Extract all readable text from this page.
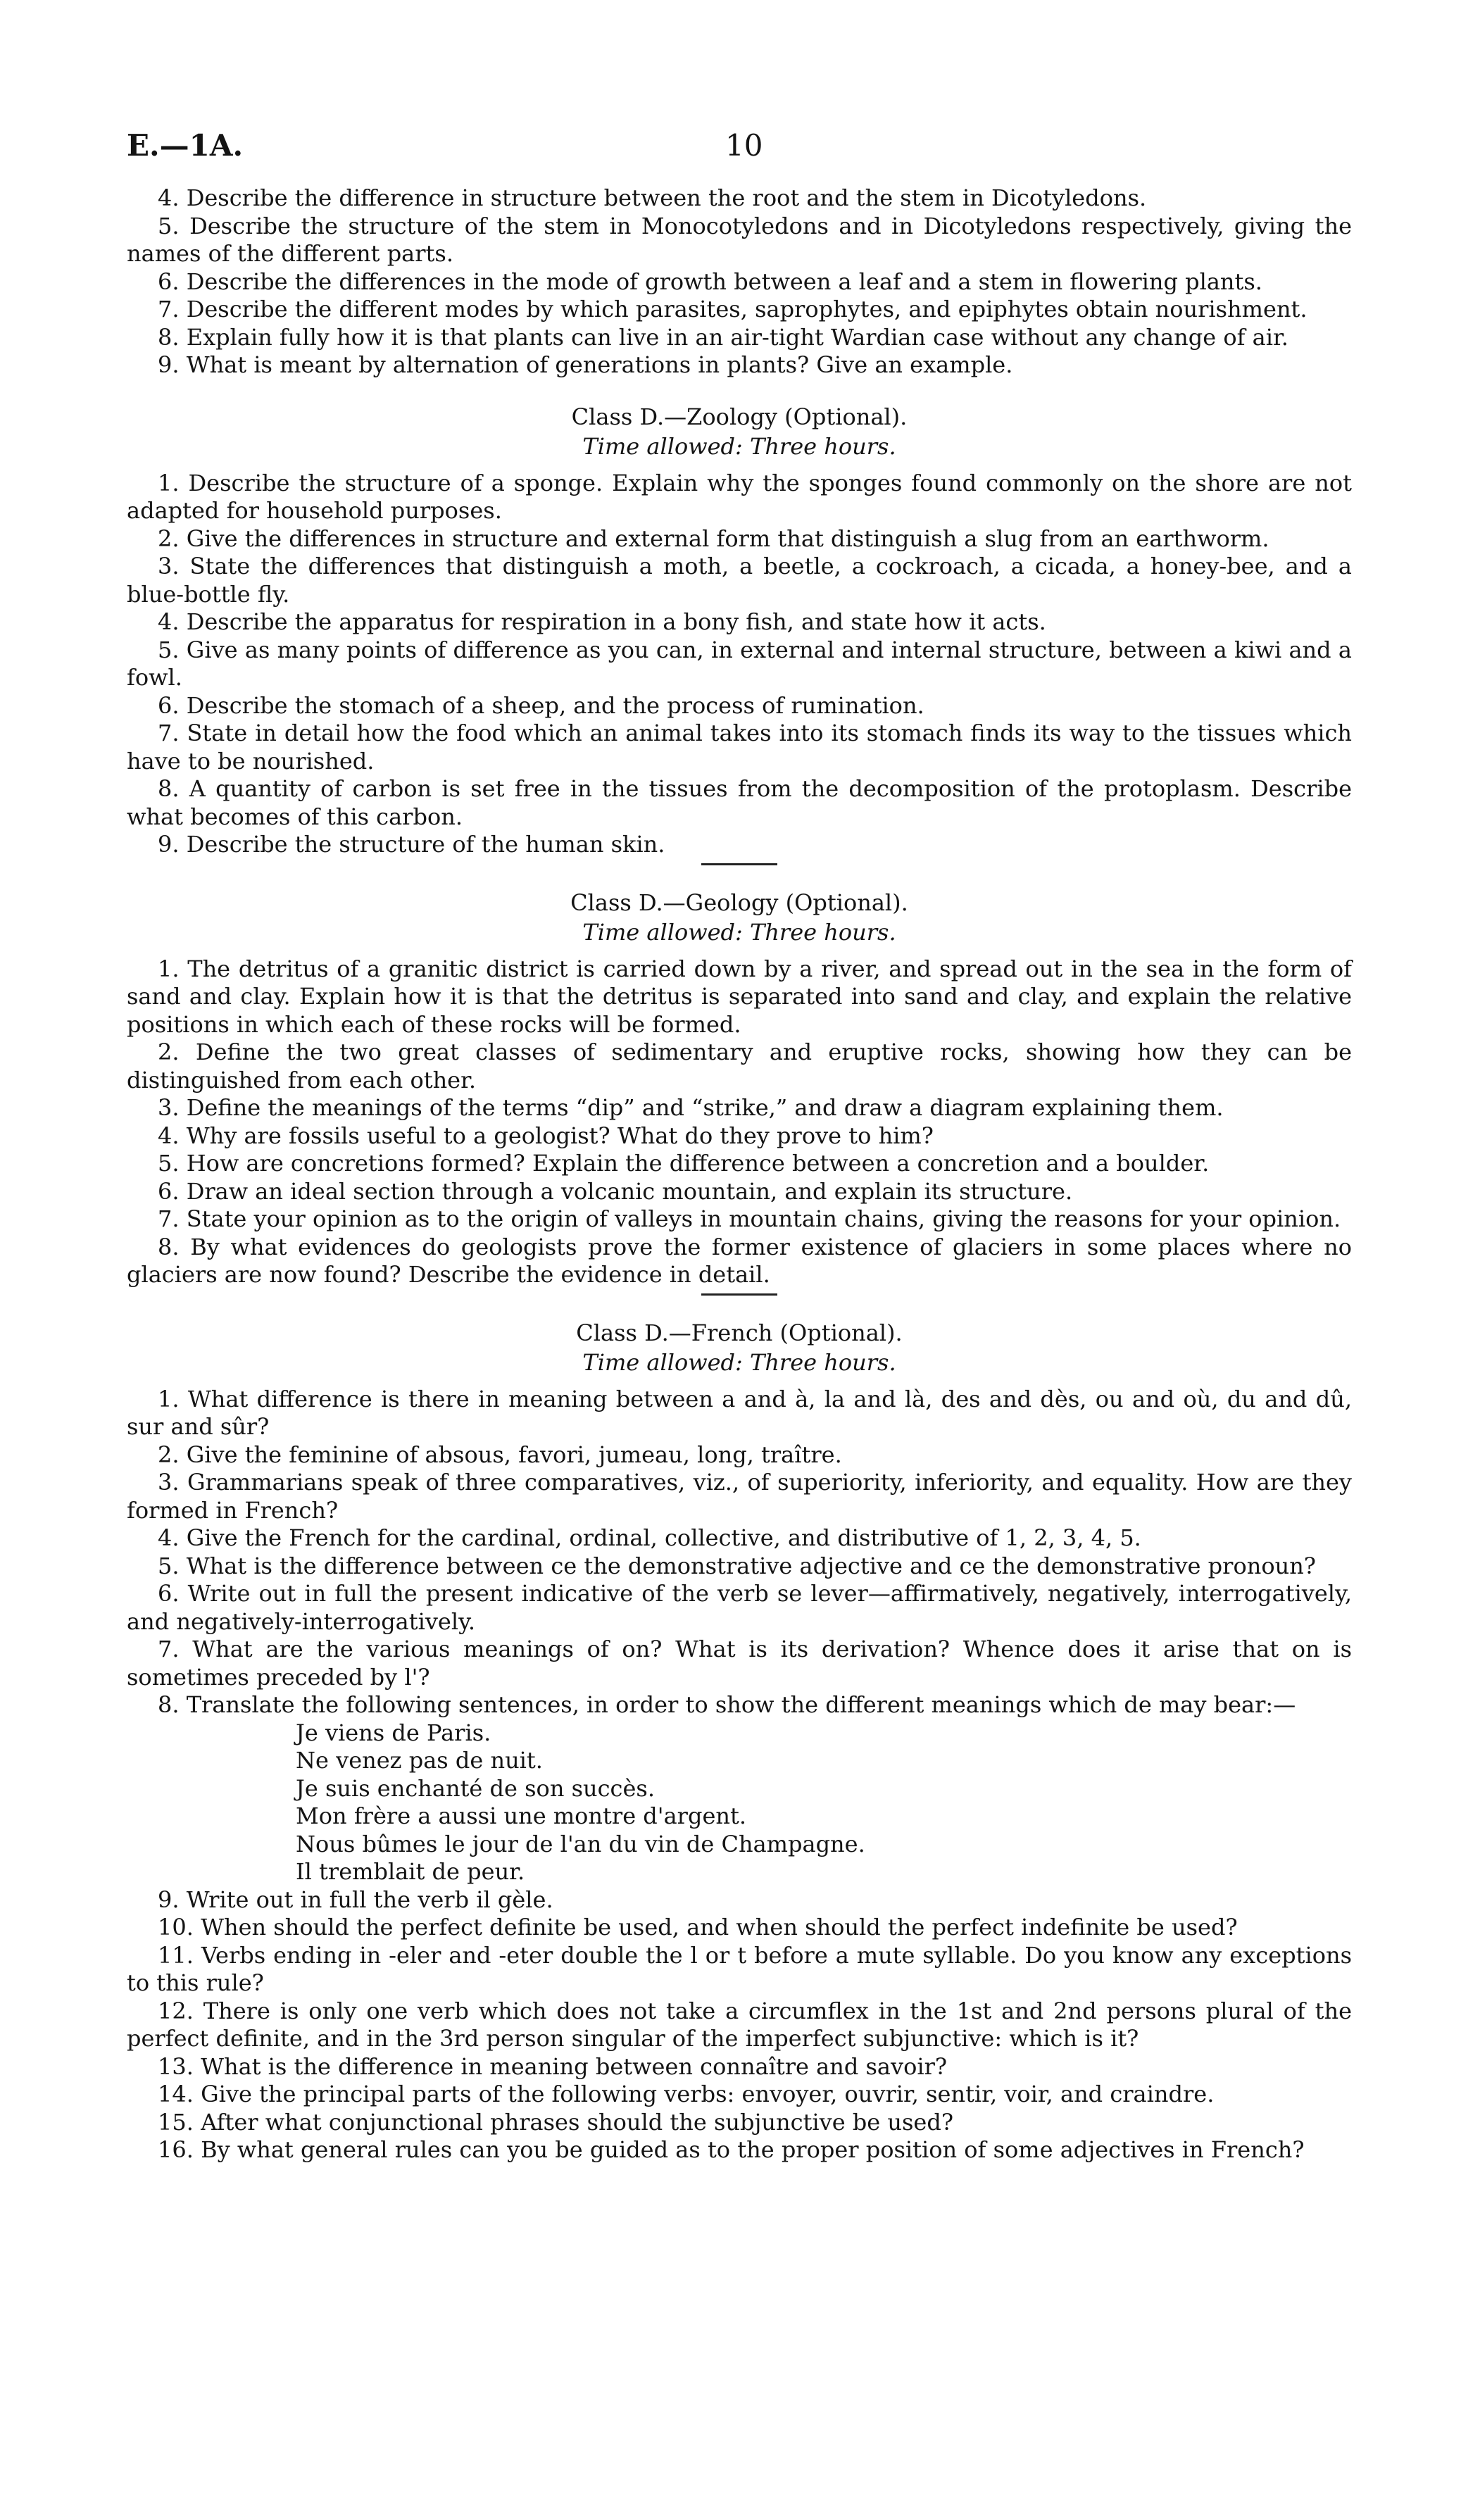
E.—1A.	10

4. Describe the difference in structure between the root and the stem in Dicotyledons.

5. Describe the structure of the stem in Monocotyledons and in Dicotyledons respectively, giving the names of the different parts.

6. Describe the differences in the mode of growth between a leaf and a stem in flowering plants.

7. Describe the different modes by which parasites, saprophytes, and epiphytes obtain nourishment.

8. Explain fully how it is that plants can live in an air-tight Wardian case without any change of air.

9. What is meant by alternation of generations in plants? Give an example.

Class D.—Zoology (Optional).
Time allowed: Three hours.

1. Describe the structure of a sponge. Explain why the sponges found commonly on the shore are not adapted for household purposes.

2. Give the differences in structure and external form that distinguish a slug from an earthworm.

3. State the differences that distinguish a moth, a beetle, a cockroach, a cicada, a honey-bee, and a blue-bottle fly.

4. Describe the apparatus for respiration in a bony fish, and state how it acts.

5. Give as many points of difference as you can, in external and internal structure, between a kiwi and a fowl.

6. Describe the stomach of a sheep, and the process of rumination.

7. State in detail how the food which an animal takes into its stomach finds its way to the tissues which have to be nourished.

8. A quantity of carbon is set free in the tissues from the decomposition of the protoplasm. Describe what becomes of this carbon.

9. Describe the structure of the human skin.

Class D.—Geology (Optional).
Time allowed: Three hours.

1. The detritus of a granitic district is carried down by a river, and spread out in the sea in the form of sand and clay. Explain how it is that the detritus is separated into sand and clay, and explain the relative positions in which each of these rocks will be formed.

2. Define the two great classes of sedimentary and eruptive rocks, showing how they can be distinguished from each other.

3. Define the meanings of the terms “dip” and “strike,” and draw a diagram explaining them.

4. Why are fossils useful to a geologist? What do they prove to him?

5. How are concretions formed? Explain the difference between a concretion and a boulder.

6. Draw an ideal section through a volcanic mountain, and explain its structure.

7. State your opinion as to the origin of valleys in mountain chains, giving the reasons for your opinion.

8. By what evidences do geologists prove the former existence of glaciers in some places where no glaciers are now found? Describe the evidence in detail.

Class D.—French (Optional).
Time allowed: Three hours.

1. What difference is there in meaning between a and à, la and là, des and dès, ou and où, du and dû, sur and sûr?

2. Give the feminine of absous, favori, jumeau, long, traître.

3. Grammarians speak of three comparatives, viz., of superiority, inferiority, and equality. How are they formed in French?

4. Give the French for the cardinal, ordinal, collective, and distributive of 1, 2, 3, 4, 5.

5. What is the difference between ce the demonstrative adjective and ce the demonstrative pronoun?

6. Write out in full the present indicative of the verb se lever—affirmatively, negatively, interrogatively, and negatively-interrogatively.

7. What are the various meanings of on? What is its derivation? Whence does it arise that on is sometimes preceded by l'?

8. Translate the following sentences, in order to show the different meanings which de may bear:—

Je viens de Paris.

Ne venez pas de nuit.

Je suis enchanté de son succès.

Mon frère a aussi une montre d'argent.

Nous bûmes le jour de l'an du vin de Champagne.

Il tremblait de peur.

9. Write out in full the verb il gèle.

10. When should the perfect definite be used, and when should the perfect indefinite be used?

11. Verbs ending in -eler and -eter double the l or t before a mute syllable. Do you know any exceptions to this rule?

12. There is only one verb which does not take a circumflex in the 1st and 2nd persons plural of the perfect definite, and in the 3rd person singular of the imperfect subjunctive: which is it?

13. What is the difference in meaning between connaître and savoir?

14. Give the principal parts of the following verbs: envoyer, ouvrir, sentir, voir, and craindre.

15. After what conjunctional phrases should the subjunctive be used?

16. By what general rules can you be guided as to the proper position of some adjectives in French?
